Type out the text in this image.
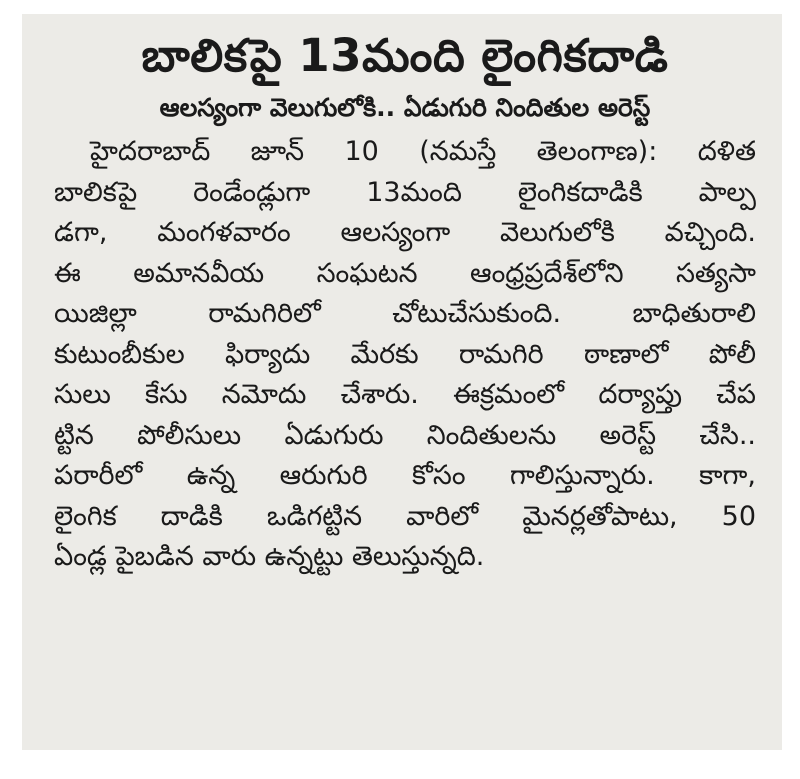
బాలికపై 13మంది లైంగికదాడి
ఆలస్యంగా వెలుగులోకి.. ఏడుగురి నిందితుల అరెస్ట్
హైదరాబాద్ జూన్ 10 (నమస్తే తెలంగాణ): దళిత
బాలికపై రెండేండ్లుగా 13మంది లైంగికదాడికి పాల్ప
డగా, మంగళవారం ఆలస్యంగా వెలుగులోకి వచ్చింది.
ఈ అమానవీయ సంఘటన ఆంధ్రప్రదేశ్‌లోని సత్యసా
యిజిల్లా రామగిరిలో చోటుచేసుకుంది. బాధితురాలి
కుటుంబీకుల ఫిర్యాదు మేరకు రామగిరి ఠాణాలో పోలీ
సులు కేసు నమోదు చేశారు. ఈక్రమంలో దర్యాప్తు చేప
ట్టిన పోలీసులు ఏడుగురు నిందితులను అరెస్ట్ చేసి..
పరారీలో ఉన్న ఆరుగురి కోసం గాలిస్తున్నారు. కాగా,
లైంగిక దాడికి ఒడిగట్టిన వారిలో మైనర్లతోపాటు, 50
ఏండ్ల పైబడిన వారు ఉన్నట్టు తెలుస్తున్నది.
